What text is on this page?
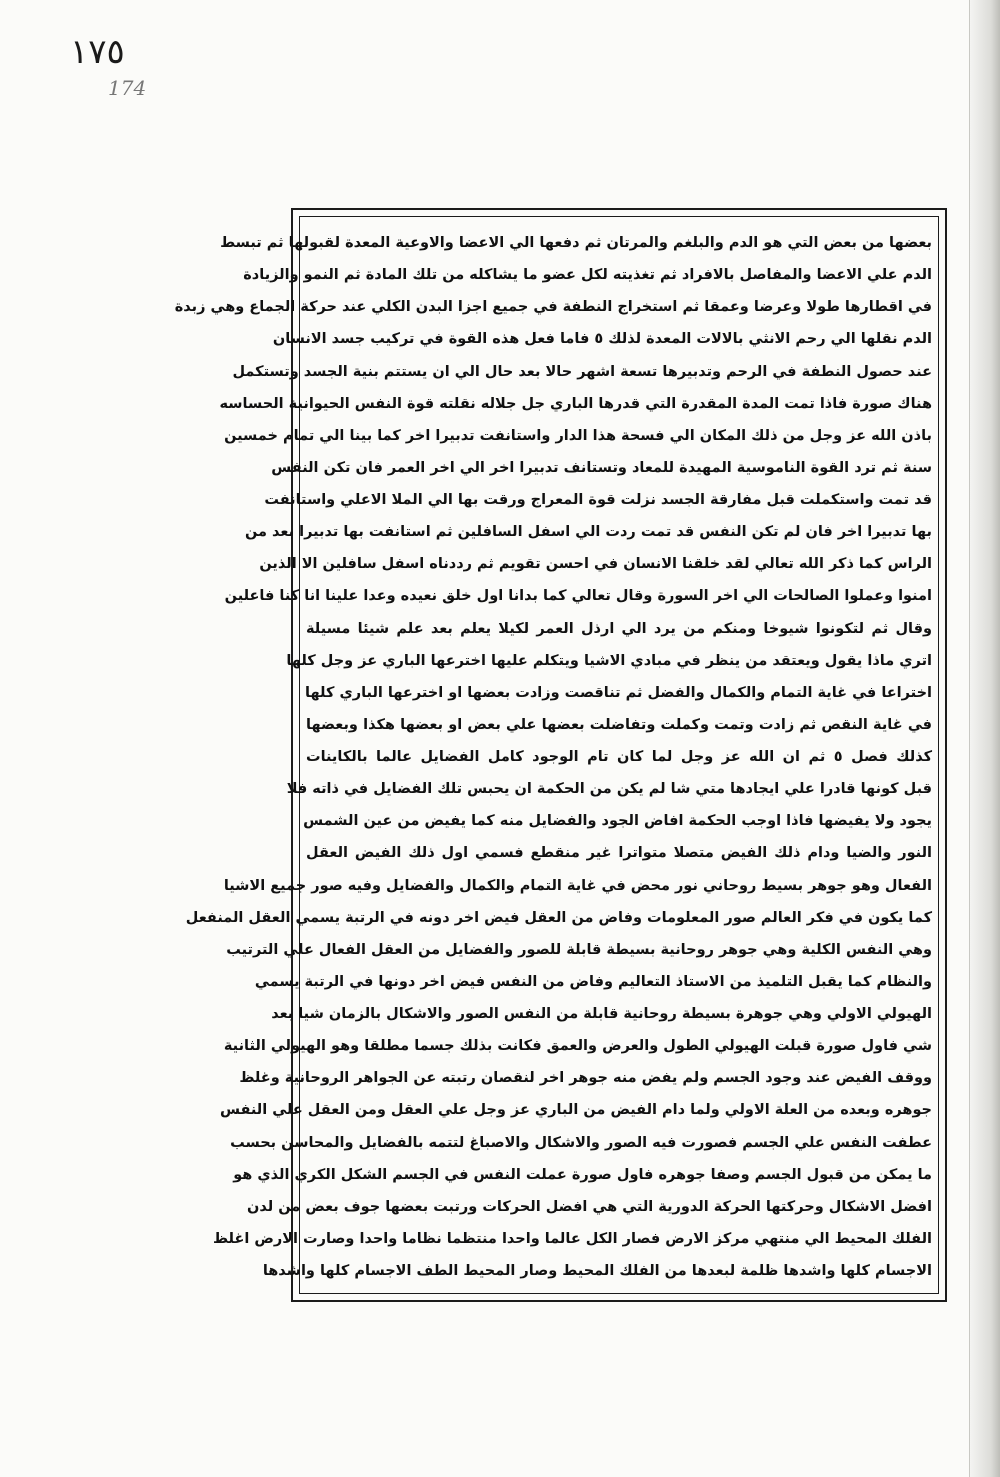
١٧٥
174
بعضها من بعض التي هو الدم والبلغم والمرتان ثم دفعها الي الاعضا والاوعية المعدة لقبولها ثم تبسط
الدم علي الاعضا والمفاصل بالافراد ثم تغذيته لكل عضو ما يشاكله من تلك المادة ثم النمو والزيادة
في اقطارها طولا وعرضا وعمقا ثم استخراج النطفة في جميع اجزا البدن الكلي عند حركة الجماع وهي زبدة
الدم نقلها الي رحم الانثي بالالات المعدة لذلك ٥ فاما فعل هذه القوة في تركيب جسد الانسان
عند حصول النطفة في الرحم وتدبيرها تسعة اشهر حالا بعد حال الي ان يستتم بنية الجسد وتستكمل
هناك صورة فاذا تمت المدة المقدرة التي قدرها الباري جل جلاله نقلته قوة النفس الحيوانية الحساسه
باذن الله عز وجل من ذلك المكان الي فسحة هذا الدار واستانفت تدبيرا اخر كما بينا الي تمام خمسين
سنة ثم ترد القوة الناموسية المهيدة للمعاد وتستانف تدبيرا اخر الي اخر العمر فان تكن النفس
قد تمت واستكملت قبل مفارقة الجسد نزلت قوة المعراج ورقت بها الي الملا الاعلي واستانفت
بها تدبيرا اخر فان لم تكن النفس قد تمت ردت الي اسفل السافلين ثم استانفت بها تدبيرا بعد من
الراس كما ذكر الله تعالي لقد خلقنا الانسان في احسن تقويم ثم رددناه اسفل سافلين الا الذين
امنوا وعملوا الصالحات الي اخر السورة وقال تعالي كما بدانا اول خلق نعيده وعدا علينا انا كنا فاعلين
وقال ثم لتكونوا شيوخا ومنكم من يرد الي ارذل العمر لكيلا يعلم بعد علم شيئا مسيلة
اتري ماذا يقول ويعتقد من ينظر في مبادي الاشيا ويتكلم عليها اخترعها الباري عز وجل كلها
اختراعا في غاية التمام والكمال والفضل ثم تناقصت وزادت بعضها او اخترعها الباري كلها
في غاية النقص ثم زادت وتمت وكملت وتفاضلت بعضها علي بعض او بعضها هكذا وبعضها
كذلك فصل ٥ ثم ان الله عز وجل لما كان تام الوجود كامل الفضايل عالما بالكاينات
قبل كونها قادرا علي ايجادها متي شا لم يكن من الحكمة ان يحبس تلك الفضايل في ذاته فلا
يجود ولا يفيضها فاذا اوجب الحكمة افاض الجود والفضايل منه كما يفيض من عين الشمس
النور والضيا ودام ذلك الفيض متصلا متواترا غير منقطع فسمي اول ذلك الفيض العقل
الفعال وهو جوهر بسيط روحاني نور محض في غاية التمام والكمال والفضايل وفيه صور جميع الاشيا
كما يكون في فكر العالم صور المعلومات وفاض من العقل فيض اخر دونه في الرتبة يسمي العقل المنفعل
وهي النفس الكلية وهي جوهر روحانية بسيطة قابلة للصور والفضايل من العقل الفعال علي الترتيب
والنظام كما يقبل التلميذ من الاستاذ التعاليم وفاض من النفس فيض اخر دونها في الرتبة يسمي
الهيولي الاولي وهي جوهرة بسيطة روحانية قابلة من النفس الصور والاشكال بالزمان شيا بعد
شي فاول صورة قبلت الهيولي الطول والعرض والعمق فكانت بذلك جسما مطلقا وهو الهيولي الثانية
ووقف الفيض عند وجود الجسم ولم يفض منه جوهر اخر لنقصان رتبته عن الجواهر الروحانية وغلظ
جوهره وبعده من العلة الاولي ولما دام الفيض من الباري عز وجل علي العقل ومن العقل علي النفس
عطفت النفس علي الجسم فصورت فيه الصور والاشكال والاصباغ لتتمه بالفضايل والمحاسن بحسب
ما يمكن من قبول الجسم وصفا جوهره فاول صورة عملت النفس في الجسم الشكل الكري الذي هو
افضل الاشكال وحركتها الحركة الدورية التي هي افضل الحركات ورتبت بعضها جوف بعض من لدن
الفلك المحيط الي منتهي مركز الارض فصار الكل عالما واحدا منتظما نظاما واحدا وصارت الارض اغلظ
الاجسام كلها واشدها ظلمة لبعدها من الفلك المحيط وصار المحيط الطف الاجسام كلها واشدها
